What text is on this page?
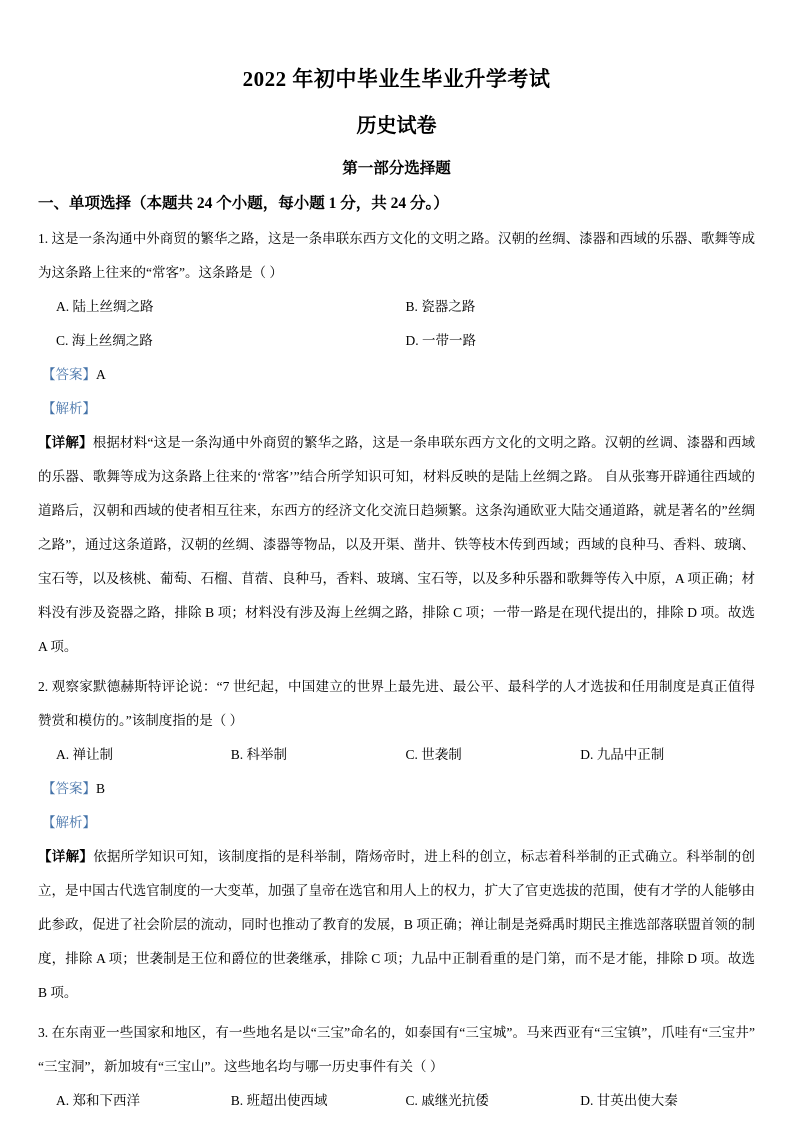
2022 年初中毕业生毕业升学考试
历史试卷
第一部分选择题
一、单项选择（本题共 24 个小题，每小题 1 分，共 24 分。）

1. 这是一条沟通中外商贸的繁华之路，这是一条串联东西方文化的文明之路。汉朝的丝绸、漆器和西域的乐器、歌舞等成为这条路上往来的“常客”。这条路是（ ）

A. 陆上丝绸之路	B. 瓷器之路
C. 海上丝绸之路	D. 一带一路
【答案】A
【解析】

【详解】根据材料“这是一条沟通中外商贸的繁华之路，这是一条串联东西方文化的文明之路。汉朝的丝调、漆器和西域的乐器、歌舞等成为这条路上往来的‘常客’”结合所学知识可知，材料反映的是陆上丝绸之路。 自从张骞开辟通往西域的道路后，汉朝和西域的使者相互往来，东西方的经济文化交流日趋频繁。这条沟通欧亚大陆交通道路，就是著名的”丝绸之路”，通过这条道路，汉朝的丝绸、漆器等物品，以及开渠、凿井、铁等枝木传到西域；西域的良种马、香料、玻璃、宝石等，以及核桃、葡萄、石榴、苜蓿、良种马，香料、玻璃、宝石等，以及多种乐器和歌舞等传入中原，A 项正确；材料没有涉及瓷器之路，排除 B 项；材料没有涉及海上丝绸之路，排除 C 项；一带一路是在现代提出的，排除 D 项。故选 A 项。

2. 观察家默德赫斯特评论说：“7 世纪起，中国建立的世界上最先进、最公平、最科学的人才选拔和任用制度是真正值得赞赏和模仿的。”该制度指的是（ ）

A. 禅让制	B. 科举制	C. 世袭制	D. 九品中正制
【答案】B
【解析】

【详解】依据所学知识可知，该制度指的是科举制，隋炀帝时，进上科的创立，标志着科举制的正式确立。科举制的创立，是中国古代选官制度的一大变革，加强了皇帝在选官和用人上的权力，扩大了官吏选拔的范围，使有才学的人能够由此参政，促进了社会阶层的流动，同时也推动了教育的发展，B 项正确；禅让制是尧舜禹时期民主推选部落联盟首领的制度，排除 A 项；世袭制是王位和爵位的世袭继承，排除 C 项；九品中正制看重的是门第，而不是才能，排除 D 项。故选 B 项。

3. 在东南亚一些国家和地区，有一些地名是以“三宝”命名的，如泰国有“三宝城”。马来西亚有“三宝镇”，爪哇有“三宝井”“三宝洞”，新加坡有“三宝山”。这些地名均与哪一历史事件有关（ ）

A. 郑和下西洋	B. 班超出使西域	C. 戚继光抗倭	D. 甘英出使大秦
